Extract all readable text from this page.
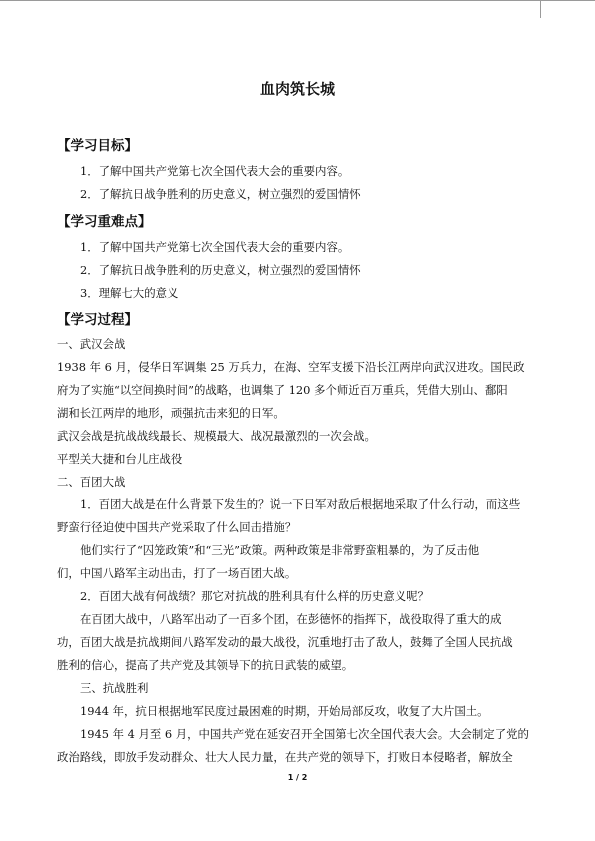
血肉筑长城
【学习目标】
1．了解中国共产党第七次全国代表大会的重要内容。
2．了解抗日战争胜利的历史意义，树立强烈的爱国情怀
【学习重难点】
1．了解中国共产党第七次全国代表大会的重要内容。
2．了解抗日战争胜利的历史意义，树立强烈的爱国情怀
3．理解七大的意义
【学习过程】
一、武汉会战
1938 年 6 月，侵华日军调集 25 万兵力，在海、空军支援下沿长江两岸向武汉进攻。国民政
府为了实施“以空间换时间”的战略，也调集了 120 多个师近百万重兵，凭借大别山、鄱阳
湖和长江两岸的地形，顽强抗击来犯的日军。
武汉会战是抗战战线最长、规模最大、战况最激烈的一次会战。
平型关大捷和台儿庄战役
二、百团大战
1．百团大战是在什么背景下发生的？说一下日军对敌后根据地采取了什么行动，而这些
野蛮行径迫使中国共产党采取了什么回击措施？
他们实行了“囚笼政策”和“三光”政策。两种政策是非常野蛮粗暴的，为了反击他
们，中国八路军主动出击，打了一场百团大战。
2．百团大战有何战绩？那它对抗战的胜利具有什么样的历史意义呢？
在百团大战中，八路军出动了一百多个团，在彭德怀的指挥下，战役取得了重大的成
功，百团大战是抗战期间八路军发动的最大战役，沉重地打击了敌人，鼓舞了全国人民抗战
胜利的信心，提高了共产党及其领导下的抗日武装的威望。
三、抗战胜利
1944 年，抗日根据地军民度过最困难的时期，开始局部反攻，收复了大片国土。
1945 年 4 月至 6 月，中国共产党在延安召开全国第七次全国代表大会。大会制定了党的
政治路线，即放手发动群众、壮大人民力量，在共产党的领导下，打败日本侵略者，解放全
1 / 2
